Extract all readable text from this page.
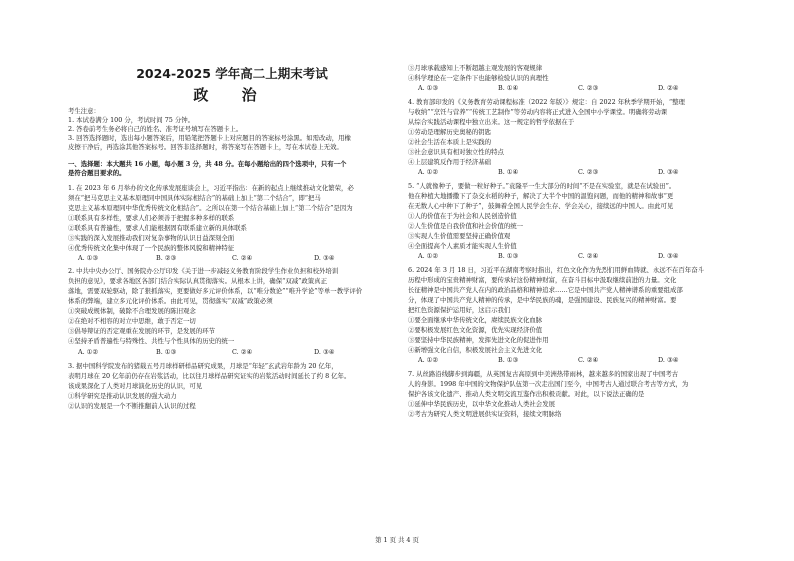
2024-2025 学年高二上期末考试
政 治
考生注意：
1. 本试卷满分 100 分，考试时间 75 分钟。
2. 答卷前考生务必将自己的姓名、准考证号填写在答题卡上。
3. 回答选择题时，选出每小题答案后，用铅笔把答题卡上对应题目的答案标号涂黑。如需改动，用橡
皮擦干净后，再选涂其他答案标号。回答非选择题时，将答案写在答题卡上，写在本试卷上无效。
一、选择题：本大题共 16 小题，每小题 3 分，共 48 分。在每小题给出的四个选项中，只有一个
是符合题目要求的。
1. 在 2023 年 6 月举办的文化传承发展座谈会上，习近平指出：在新的起点上继续推动文化繁荣，必
须在“把马克思主义基本原理同中国具体实际相结合”的基础上加上“第二个结合”，即“把马
克思主义基本原理同中华优秀传统文化相结合”。之所以在第一个结合基础上加上“第二个结合”是因为
①联系具有多样性，要求人们必须善于把握多种多样的联系
②联系具有普遍性，要求人们能根据固有联系建立新的具体联系
③实践的深入发展推动我们对复杂事物的认识日益深刻全面
④优秀传统文化集中体现了一个民族的整体风貌和精神特征
A. ①③	B. ②③	C. ②④	D. ③④
2. 中共中央办公厅、国务院办公厅印发《关于进一步减轻义务教育阶段学生作业负担和校外培训
负担的意见》，要求各地区各部门结合实际认真贯彻落实。从根本上讲，确保“双减”政策真正
落地，需要双轮驱动，除了狠抓落实，更要做好多元评价体系，以“唯分数论”“唯升学论”等单一教学评价
体系的弊端，建立多元化评价体系。由此可见，贯彻落实“双减”政策必须
①突破成规体制，破除不合理发展的陈旧观念
②在绝对不相容的对立中思维，敢于否定一切
③倡导辩证的否定观重在发展的环节，是发展的环节
④坚持矛盾普遍性与特殊性、共性与个性具体的历史的统一
A. ①②	B. ①③	C. ②④	D. ③④
3. 据中国科学院发布的猪载五号月球样研样品研究成果，月球是“年轻”玄武岩年龄为 20 亿年，
表明月球在 20 亿年前仍存在岩浆活动，比以往月球样品研究证实的岩浆活动时间延长了约 8 亿年。
该成果深化了人类对月球演化历史的认识，可见
①科学研究是推动认识发展的强大动力
②认识的发展是一个不断推翻前人认识的过程
③月球承载感知上不断超越主观发展的客观规律
④科学理论在一定条件下也能够检验认识的真理性
A. ①③	B. ①④	C. ②③	D. ②④
4. 教育部印发的《义务教育劳动课程标准（2022 年版）》规定：自 2022 年秋季学期开始，“整理
与收纳”“烹饪与营养”“传统工艺制作”等劳动内容将正式进入全国中小学课堂。明确将劳动课
从综合实践活动课程中独立出来。这一规定的哲学依据在于
①劳动是理解历史奥秘的钥匙
②社会生活在本质上是实践的
③社会意识具有相对独立性的特点
④上层建筑反作用于经济基础
A. ①②	B. ①④	C. ②③	D. ③④
5. “人就像种子，要做一粒好种子。”袁隆平一生大部分的时间“不是在实验室，就是在试验田”。
他在种植大地播撒下了杂交水稻的种子，解决了大半个中国的温饱问题，而他的精神和故事“更
在无数人心中种下了种子”，鼓舞着全国人民学会生存、学会关心，接续远的中国人。由此可见
①人的价值在于为社会和人民创造价值
②人生价值是自我价值和社会价值的统一
③实现人生价值需要坚持正确价值观
④全面提高个人素质才能实现人生价值
A. ①②	B. ①③	C. ②④	D. ③④
6. 2024 年 3 月 18 日，习近平在湖南考察时指出，红色文化作为先烈们用鲜血铸就、永远不在百年奋斗
历程中形成的宝贵精神财富，要传承好这份精神财富，在奋斗目标中汲取继续前进的力量。文化
长征精神是中国共产党人在内的政治品格和精神追求……它是中国共产党人精神谱系的重要组成部
分，体现了中国共产党人精神的传承，是中华民族的魂，是强国建设、民族复兴的精神财富。要
把红色资源保护运用好，这启示我们
①要全面继承中华传统文化，赓续民族文化血脉
②要积极发展红色文化资源，优先实现经济价值
③要坚持中华民族精神，发挥先进文化的促进作用
④新增强文化自信，积极发展社会主义先进文化
A. ①②	B. ①③	C. ②④	D. ③④
7. 从丝路沿线脚步到海疆，从英国复古高原到中美洲热带雨林，越来越多的国家出现了中国考古
人的身影。1998 年中国的文物保护队伍第一次走出国门至今，中国考古人通过联合考古等方式，为
保护各该文化遗产、推动人类文明交流互鉴作出积极贡献。对此，以下说法正确的是
①延伸中华民族历史，以中华文化推动人类社会发展
②考古为研究人类文明进展供实证资料，接续文明脉络
第 1 页 共 4 页
